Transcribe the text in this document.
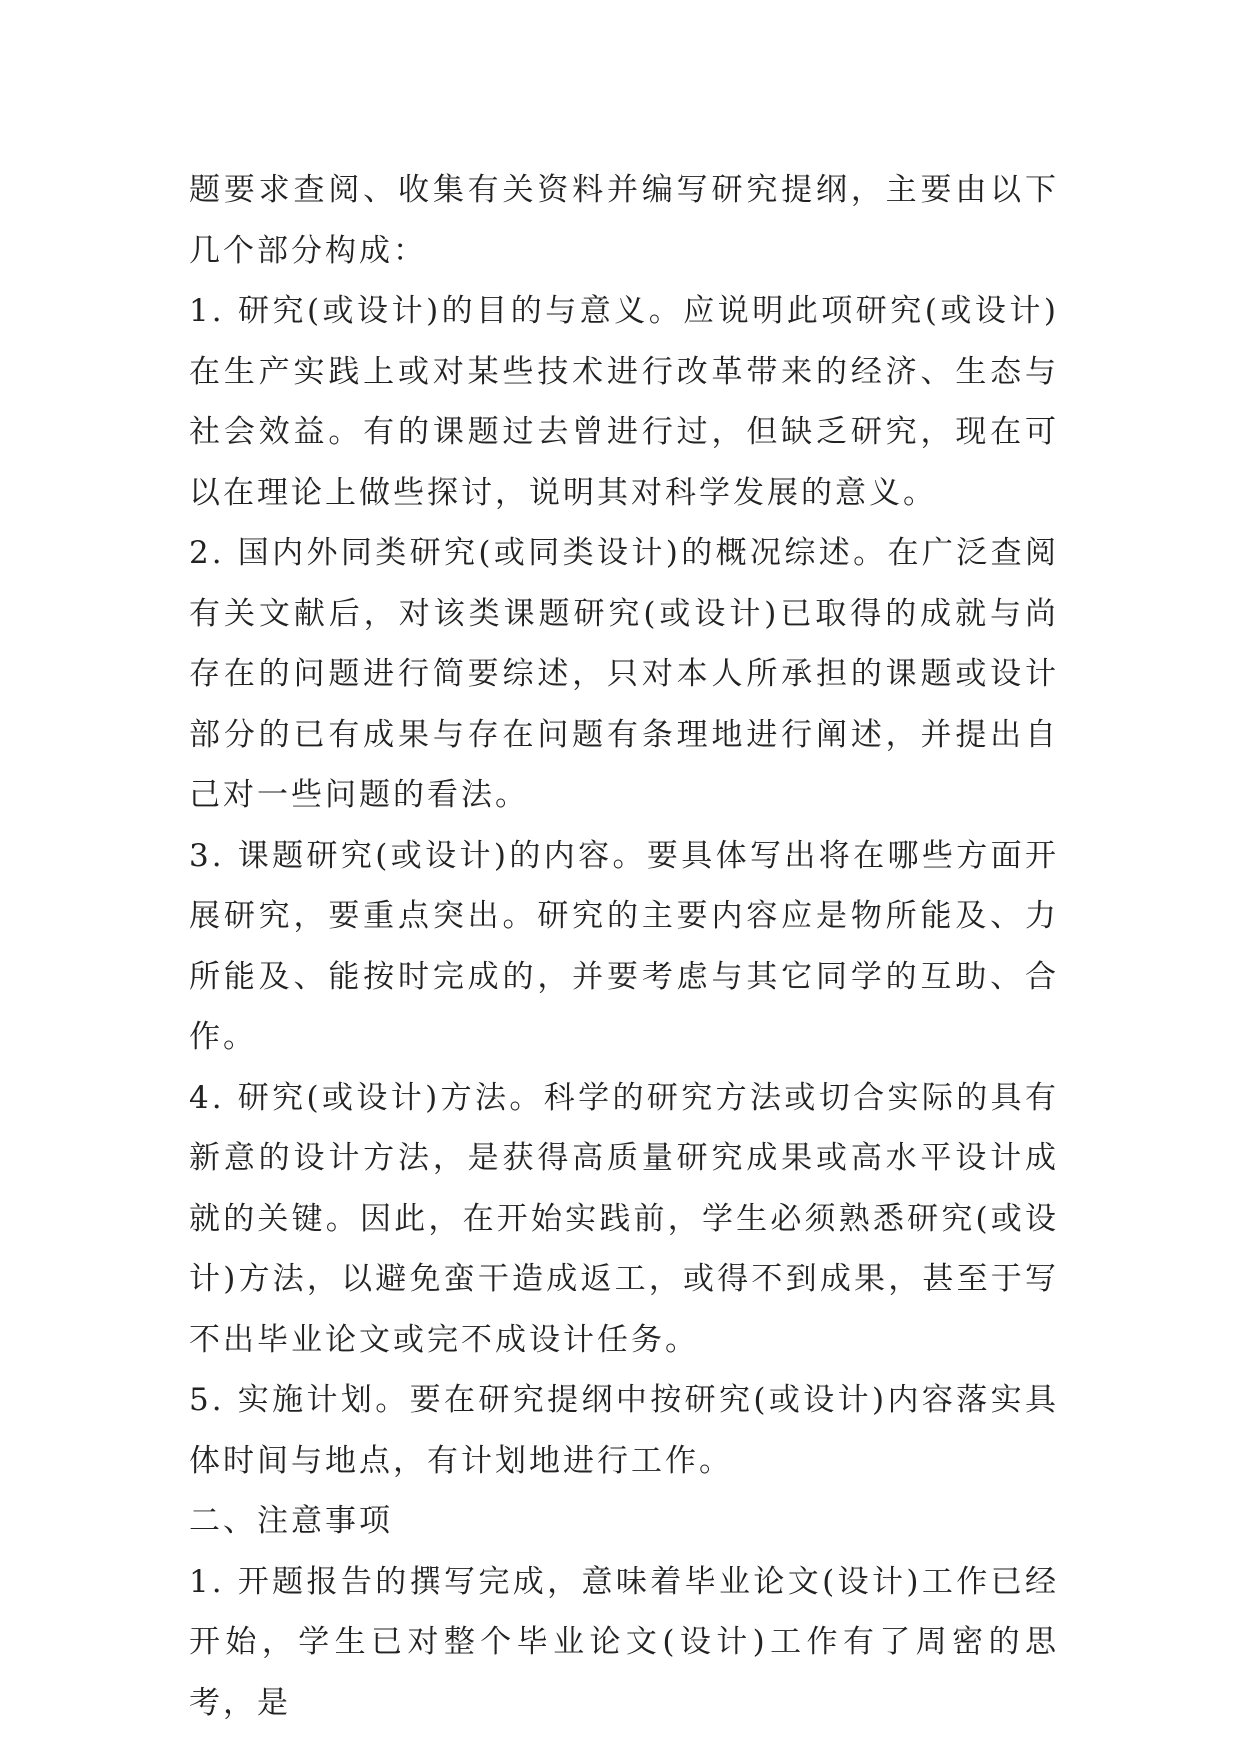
题要求查阅、收集有关资料并编写研究提纲，主要由以下几个部分构成：

1. 研究(或设计)的目的与意义。应说明此项研究(或设计)在生产实践上或对某些技术进行改革带来的经济、生态与社会效益。有的课题过去曾进行过，但缺乏研究，现在可以在理论上做些探讨，说明其对科学发展的意义。

2. 国内外同类研究(或同类设计)的概况综述。在广泛查阅有关文献后，对该类课题研究(或设计)已取得的成就与尚存在的问题进行简要综述，只对本人所承担的课题或设计部分的已有成果与存在问题有条理地进行阐述，并提出自己对一些问题的看法。

3. 课题研究(或设计)的内容。要具体写出将在哪些方面开展研究，要重点突出。研究的主要内容应是物所能及、力所能及、能按时完成的，并要考虑与其它同学的互助、合作。

4. 研究(或设计)方法。科学的研究方法或切合实际的具有新意的设计方法，是获得高质量研究成果或高水平设计成就的关键。因此，在开始实践前，学生必须熟悉研究(或设计)方法，以避免蛮干造成返工，或得不到成果，甚至于写不出毕业论文或完不成设计任务。

5. 实施计划。要在研究提纲中按研究(或设计)内容落实具体时间与地点，有计划地进行工作。

二、注意事项

1. 开题报告的撰写完成，意味着毕业论文(设计)工作已经开始，学生已对整个毕业论文(设计)工作有了周密的思考，是
